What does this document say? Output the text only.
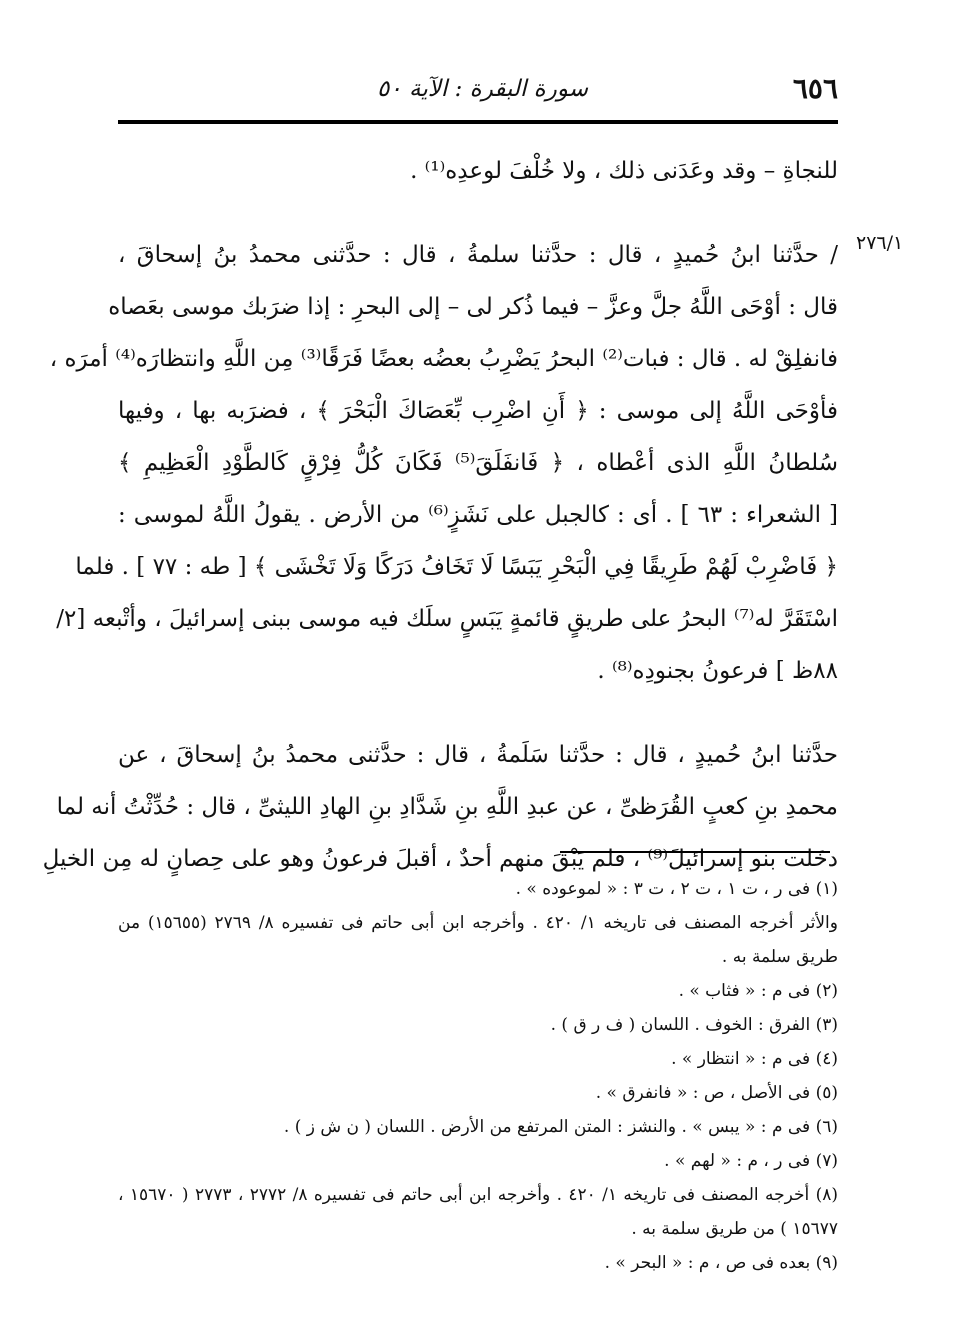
٦٥٦
سورة البقرة : الآية ٥٠
٢٧٦/١
للنجاةِ – وقد وعَدَنى ذلك ، ولا خُلْفَ لوعدِه⁽¹⁾ .
/ حدَّثنا ابنُ حُميدٍ ، قال : حدَّثنا سلمةُ ، قال : حدَّثنى محمدُ بنُ إسحاقَ ،
قال : أوْحَى اللَّهُ جلَّ وعزَّ – فيما ذُكر لى – إلى البحرِ : إذا ضرَبك موسى بعَصاه
فانفلِقْ له . قال : فبات⁽²⁾ البحرُ يَضْرِبُ بعضُه بعضًا فَرَقًا⁽³⁾ مِن اللَّهِ وانتظارَه⁽⁴⁾ أمرَه ،
فأوْحَى اللَّهُ إلى موسى : ﴿ أَنِ اضْرِب بِّعَصَاكَ الْبَحْرَ ﴾ ، فضرَبه بها ، وفيها
سُلطانُ اللَّهِ الذى أعْطاه ، ﴿ فَانفَلَقَ⁽⁵⁾ فَكَانَ كُلُّ فِرْقٍ كَالطَّوْدِ الْعَظِيمِ ﴾
[ الشعراء : ٦٣ ] . أى : كالجبل على نَشَزٍ⁽⁶⁾ من الأرض . يقولُ اللَّهُ لموسى :
﴿ فَاضْرِبْ لَهُمْ طَرِيقًا فِي الْبَحْرِ يَبَسًا لَا تَخَافُ دَرَكًا وَلَا تَخْشَى ﴾ [ طه : ٧٧ ] . فلما
اسْتَقَرَّ له⁽⁷⁾ البحرُ على طريقٍ قائمةٍ يَبَسٍ سلَك فيه موسى ببنى إسرائيلَ ، وأتْبعه [٢/
٨٨ظ ] فرعونُ بجنودِه⁽⁸⁾ .
حدَّثنا ابنُ حُميدٍ ، قال : حدَّثنا سَلَمةُ ، قال : حدَّثنى محمدُ بنُ إسحاقَ ، عن
محمدِ بنِ كعبٍ القُرَظىِّ ، عن عبدِ اللَّهِ بنِ شَدَّادِ بنِ الهادِ الليثىِّ ، قال : حُدِّثْتُ أنه لما
دخَلت بنو إسرائيلَ⁽⁹⁾ ، فلم يَبْقَ منهم أحدٌ ، أقبلَ فرعونُ وهو على حِصانٍ له مِن الخيلِ
(١) فى ر ، ت ١ ، ت ٢ ، ت ٣ : « لموعوده » .
والأثر أخرجه المصنف فى تاريخه ١/ ٤٢٠ . وأخرجه ابن أبى حاتم فى تفسيره ٨/ ٢٧٦٩ (١٥٦٥٥) من
طريق سلمة به .
(٢) فى م : « فثاب » .
(٣) الفرق : الخوف . اللسان ( ف ر ق ) .
(٤) فى م : « انتظار » .
(٥) فى الأصل ، ص : « فانفرق » .
(٦) فى م : « يبس » . والنشز : المتن المرتفع من الأرض . اللسان ( ن ش ز ) .
(٧) فى ر ، م : « لهم » .
(٨) أخرجه المصنف فى تاريخه ١/ ٤٢٠ . وأخرجه ابن أبى حاتم فى تفسيره ٨/ ٢٧٧٢ ، ٢٧٧٣ ( ١٥٦٧٠ ،
١٥٦٧٧ ) من طريق سلمة به .
(٩) بعده فى ص ، م : « البحر » .
